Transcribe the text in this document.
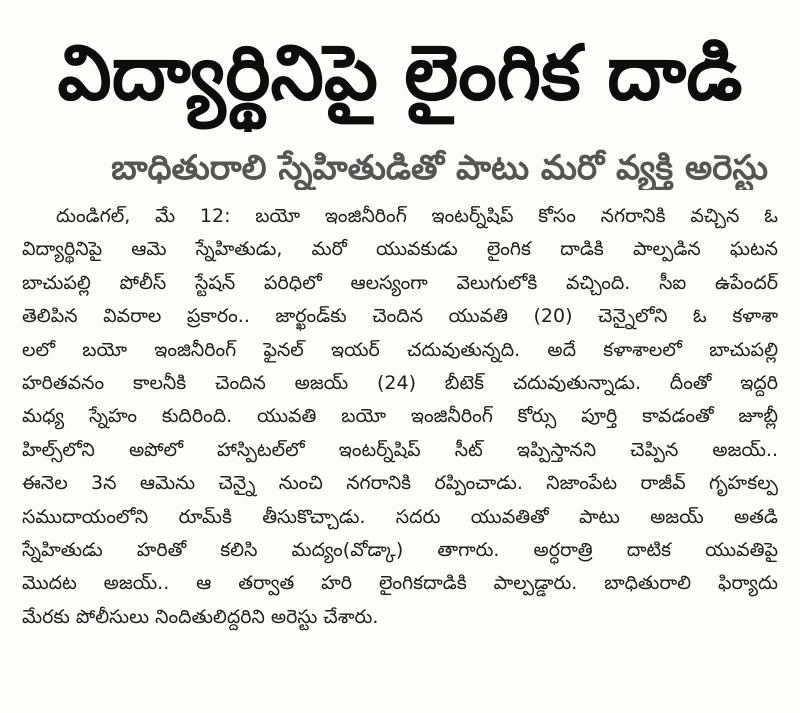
విద్యార్థినిపై లైంగిక దాడి
బాధితురాలి స్నేహితుడితో పాటు మరో వ్యక్తి అరెస్టు
దుండిగల్, మే 12: బయో ఇంజినీరింగ్ ఇంటర్న్‌షిప్ కోసం నగరానికి వచ్చిన ఓ
విద్యార్థినిపై ఆమె స్నేహితుడు, మరో యువకుడు లైంగిక దాడికి పాల్పడిన ఘటన
బాచుపల్లి పోలీస్ స్టేషన్ పరిధిలో ఆలస్యంగా వెలుగులోకి వచ్చింది. సీఐ ఉపేందర్
తెలిపిన వివరాల ప్రకారం.. జార్ఖండ్‌కు చెందిన యువతి (20) చెన్నైలోని ఓ కళాశా
లలో బయో ఇంజినీరింగ్ ఫైనల్ ఇయర్ చదువుతున్నది. అదే కళాశాలలో బాచుపల్లి
హరితవనం కాలనీకి చెందిన అజయ్ (24) బీటెక్ చదువుతున్నాడు. దీంతో ఇద్దరి
మధ్య స్నేహం కుదిరింది. యువతి బయో ఇంజినీరింగ్ కోర్సు పూర్తి కావడంతో జూబ్లీ
హిల్స్‌లోని అపోలో హాస్పిటల్‌లో ఇంటర్న్‌షిప్ సీట్ ఇప్పిస్తానని చెప్పిన అజయ్..
ఈనెల 3న ఆమెను చెన్నై నుంచి నగరానికి రప్పించాడు. నిజాంపేట రాజీవ్ గృహకల్ప
సముదాయంలోని రూమ్‌కి తీసుకొచ్చాడు. సదరు యువతితో పాటు అజయ్ అతడి
స్నేహితుడు హరితో కలిసి మద్యం(వోడ్కా) తాగారు. అర్ధరాత్రి దాటిక యువతిపై
మొదట అజయ్.. ఆ తర్వాత హరి లైంగికదాడికి పాల్పడ్డారు. బాధితురాలి ఫిర్యాదు
మేరకు పోలీసులు నిందితులిద్దరిని అరెస్టు చేశారు.
